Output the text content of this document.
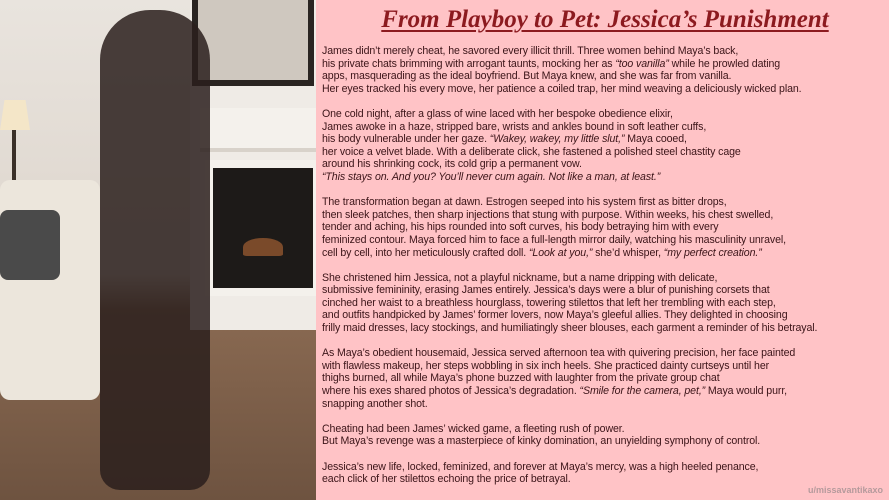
From Playboy to Pet: Jessica’s Punishment
James didn’t merely cheat, he savored every illicit thrill. Three women behind Maya’s back,
his private chats brimming with arrogant taunts, mocking her as “too vanilla” while he prowled dating
apps, masquerading as the ideal boyfriend. But Maya knew, and she was far from vanilla.
Her eyes tracked his every move, her patience a coiled trap, her mind weaving a deliciously wicked plan.
One cold night, after a glass of wine laced with her bespoke obedience elixir,
James awoke in a haze, stripped bare, wrists and ankles bound in soft leather cuffs,
his body vulnerable under her gaze. “Wakey, wakey, my little slut,” Maya cooed,
her voice a velvet blade. With a deliberate click, she fastened a polished steel chastity cage
around his shrinking cock, its cold grip a permanent vow.
“This stays on. And you? You’ll never cum again. Not like a man, at least.”
The transformation began at dawn. Estrogen seeped into his system first as bitter drops,
then sleek patches, then sharp injections that stung with purpose. Within weeks, his chest swelled,
tender and aching, his hips rounded into soft curves, his body betraying him with every
feminized contour. Maya forced him to face a full-length mirror daily, watching his masculinity unravel,
cell by cell, into her meticulously crafted doll. “Look at you,” she’d whisper, “my perfect creation.”
She christened him Jessica, not a playful nickname, but a name dripping with delicate,
submissive femininity, erasing James entirely. Jessica’s days were a blur of punishing corsets that
cinched her waist to a breathless hourglass, towering stilettos that left her trembling with each step,
and outfits handpicked by James’ former lovers, now Maya’s gleeful allies. They delighted in choosing
frilly maid dresses, lacy stockings, and humiliatingly sheer blouses, each garment a reminder of his betrayal.
As Maya’s obedient housemaid, Jessica served afternoon tea with quivering precision, her face painted
with flawless makeup, her steps wobbling in six inch heels. She practiced dainty curtseys until her
thighs burned, all while Maya’s phone buzzed with laughter from the private group chat
where his exes shared photos of Jessica’s degradation. “Smile for the camera, pet,” Maya would purr,
snapping another shot.
Cheating had been James’ wicked game, a fleeting rush of power.
But Maya’s revenge was a masterpiece of kinky domination, an unyielding symphony of control.
Jessica’s new life, locked, feminized, and forever at Maya’s mercy, was a high heeled penance,
each click of her stilettos echoing the price of betrayal.
u/missavantikaxo
